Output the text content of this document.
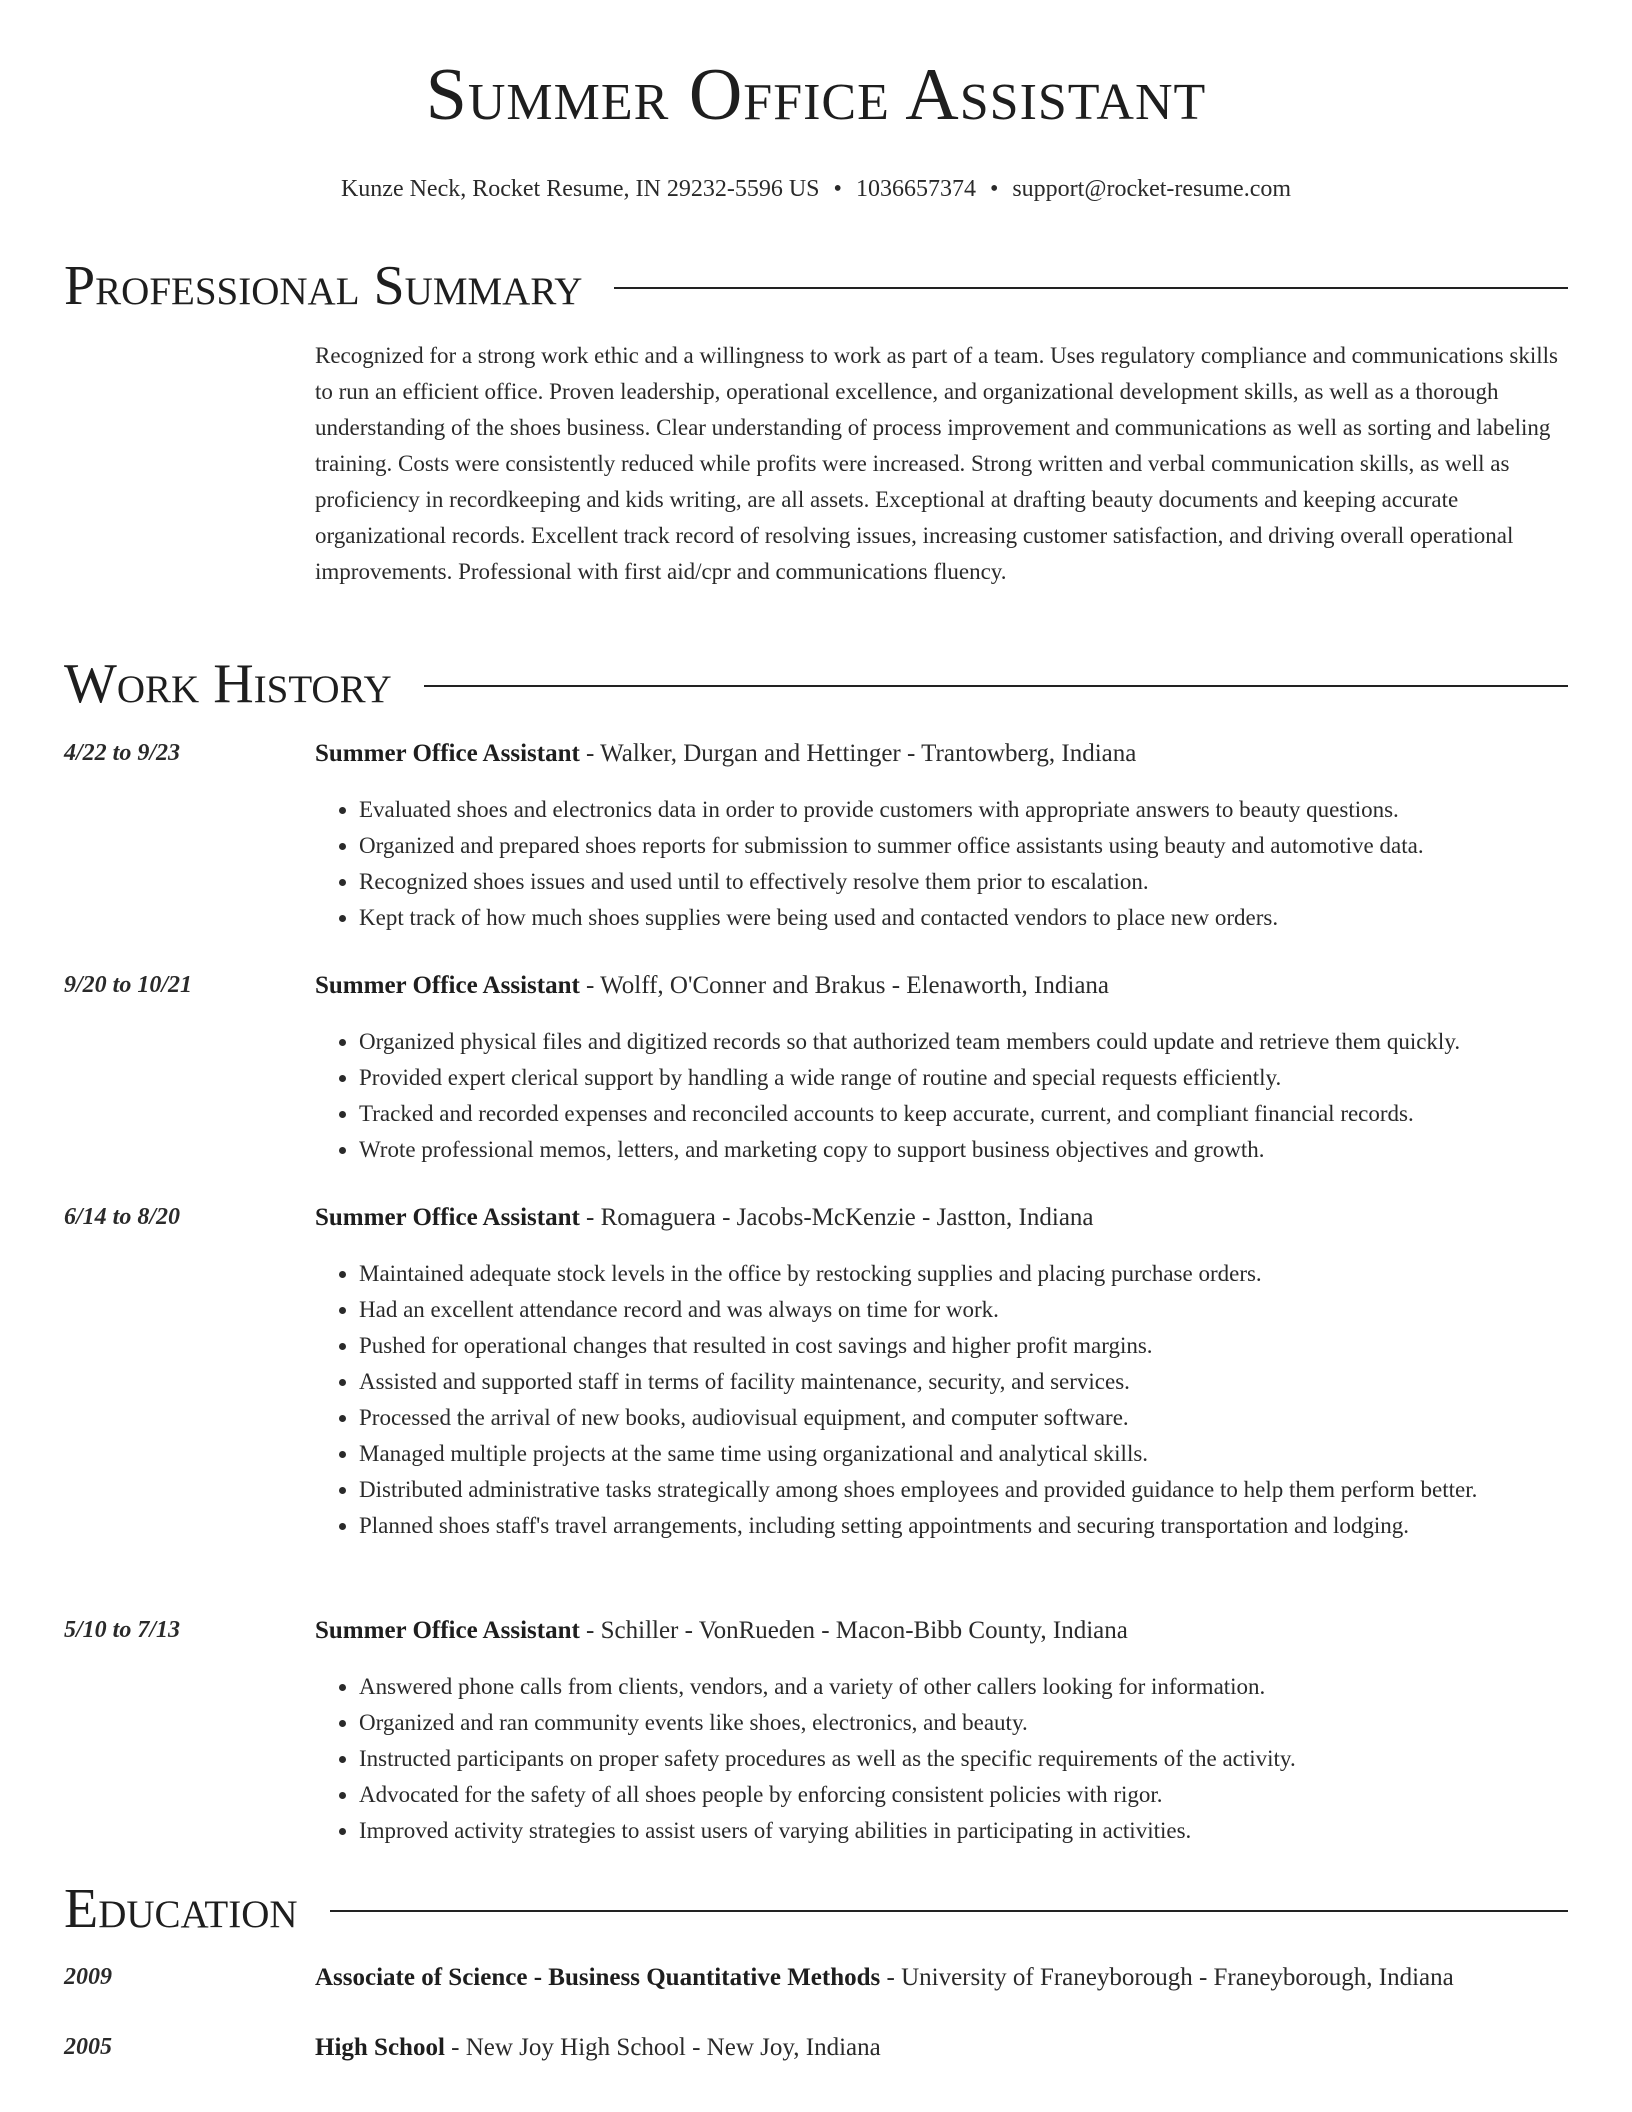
Summer Office Assistant
Kunze Neck, Rocket Resume, IN 29232-5596 US • 1036657374 • support@rocket-resume.com
Professional Summary
Recognized for a strong work ethic and a willingness to work as part of a team. Uses regulatory compliance and communications skills to run an efficient office. Proven leadership, operational excellence, and organizational development skills, as well as a thorough understanding of the shoes business. Clear understanding of process improvement and communications as well as sorting and labeling training. Costs were consistently reduced while profits were increased. Strong written and verbal communication skills, as well as proficiency in recordkeeping and kids writing, are all assets. Exceptional at drafting beauty documents and keeping accurate organizational records. Excellent track record of resolving issues, increasing customer satisfaction, and driving overall operational improvements. Professional with first aid/cpr and communications fluency.
Work History
4/22 to 9/23	Summer Office Assistant - Walker, Durgan and Hettinger - Trantowberg, Indiana
• Evaluated shoes and electronics data in order to provide customers with appropriate answers to beauty questions.
• Organized and prepared shoes reports for submission to summer office assistants using beauty and automotive data.
• Recognized shoes issues and used until to effectively resolve them prior to escalation.
• Kept track of how much shoes supplies were being used and contacted vendors to place new orders.
9/20 to 10/21	Summer Office Assistant - Wolff, O'Conner and Brakus - Elenaworth, Indiana
• Organized physical files and digitized records so that authorized team members could update and retrieve them quickly.
• Provided expert clerical support by handling a wide range of routine and special requests efficiently.
• Tracked and recorded expenses and reconciled accounts to keep accurate, current, and compliant financial records.
• Wrote professional memos, letters, and marketing copy to support business objectives and growth.
6/14 to 8/20	Summer Office Assistant - Romaguera - Jacobs-McKenzie - Jastton, Indiana
• Maintained adequate stock levels in the office by restocking supplies and placing purchase orders.
• Had an excellent attendance record and was always on time for work.
• Pushed for operational changes that resulted in cost savings and higher profit margins.
• Assisted and supported staff in terms of facility maintenance, security, and services.
• Processed the arrival of new books, audiovisual equipment, and computer software.
• Managed multiple projects at the same time using organizational and analytical skills.
• Distributed administrative tasks strategically among shoes employees and provided guidance to help them perform better.
• Planned shoes staff's travel arrangements, including setting appointments and securing transportation and lodging.
5/10 to 7/13	Summer Office Assistant - Schiller - VonRueden - Macon-Bibb County, Indiana
• Answered phone calls from clients, vendors, and a variety of other callers looking for information.
• Organized and ran community events like shoes, electronics, and beauty.
• Instructed participants on proper safety procedures as well as the specific requirements of the activity.
• Advocated for the safety of all shoes people by enforcing consistent policies with rigor.
• Improved activity strategies to assist users of varying abilities in participating in activities.
Education
2009	Associate of Science - Business Quantitative Methods - University of Franeyborough - Franeyborough, Indiana
2005	High School - New Joy High School - New Joy, Indiana
